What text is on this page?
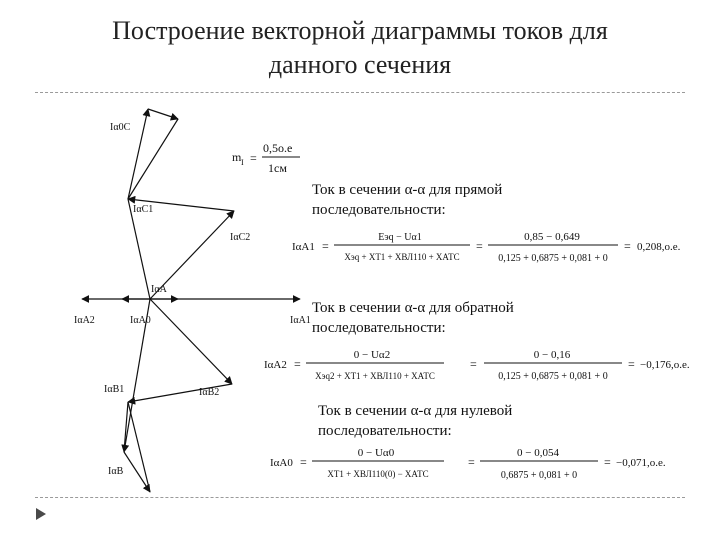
Построение векторной диаграммы токов для
данного сечения
Iα0С
IαС1
IαС2
IαА
IαА2	IαА0	IαА1
IαВ1	IαВ2
IαВ
m I =
0,5о.е
1см
Ток в сечении α-α для прямой
последовательности:
IαА1 =
Eэq − Uα1
Xэq + XТ1 + XВЛ110 + XАТС
=
0,85 − 0,649
0,125 + 0,6875 + 0,081 + 0
= 0,208,o.e.
Ток в сечении α-α для обратной
последовательности:
IαА2 =
0 − Uα2
Xэq2 + XТ1 + XВЛ110 + XАТС
=
0 − 0,16
0,125 + 0,6875 + 0,081 + 0
= −0,176,o.e.
Ток в сечении α-α для нулевой
последовательности:
IαА0 =
0 − Uα0
XТ1 + XВЛ110(0) − XАТС
=
0 − 0,054
0,6875 + 0,081 + 0
= −0,071,o.e.
